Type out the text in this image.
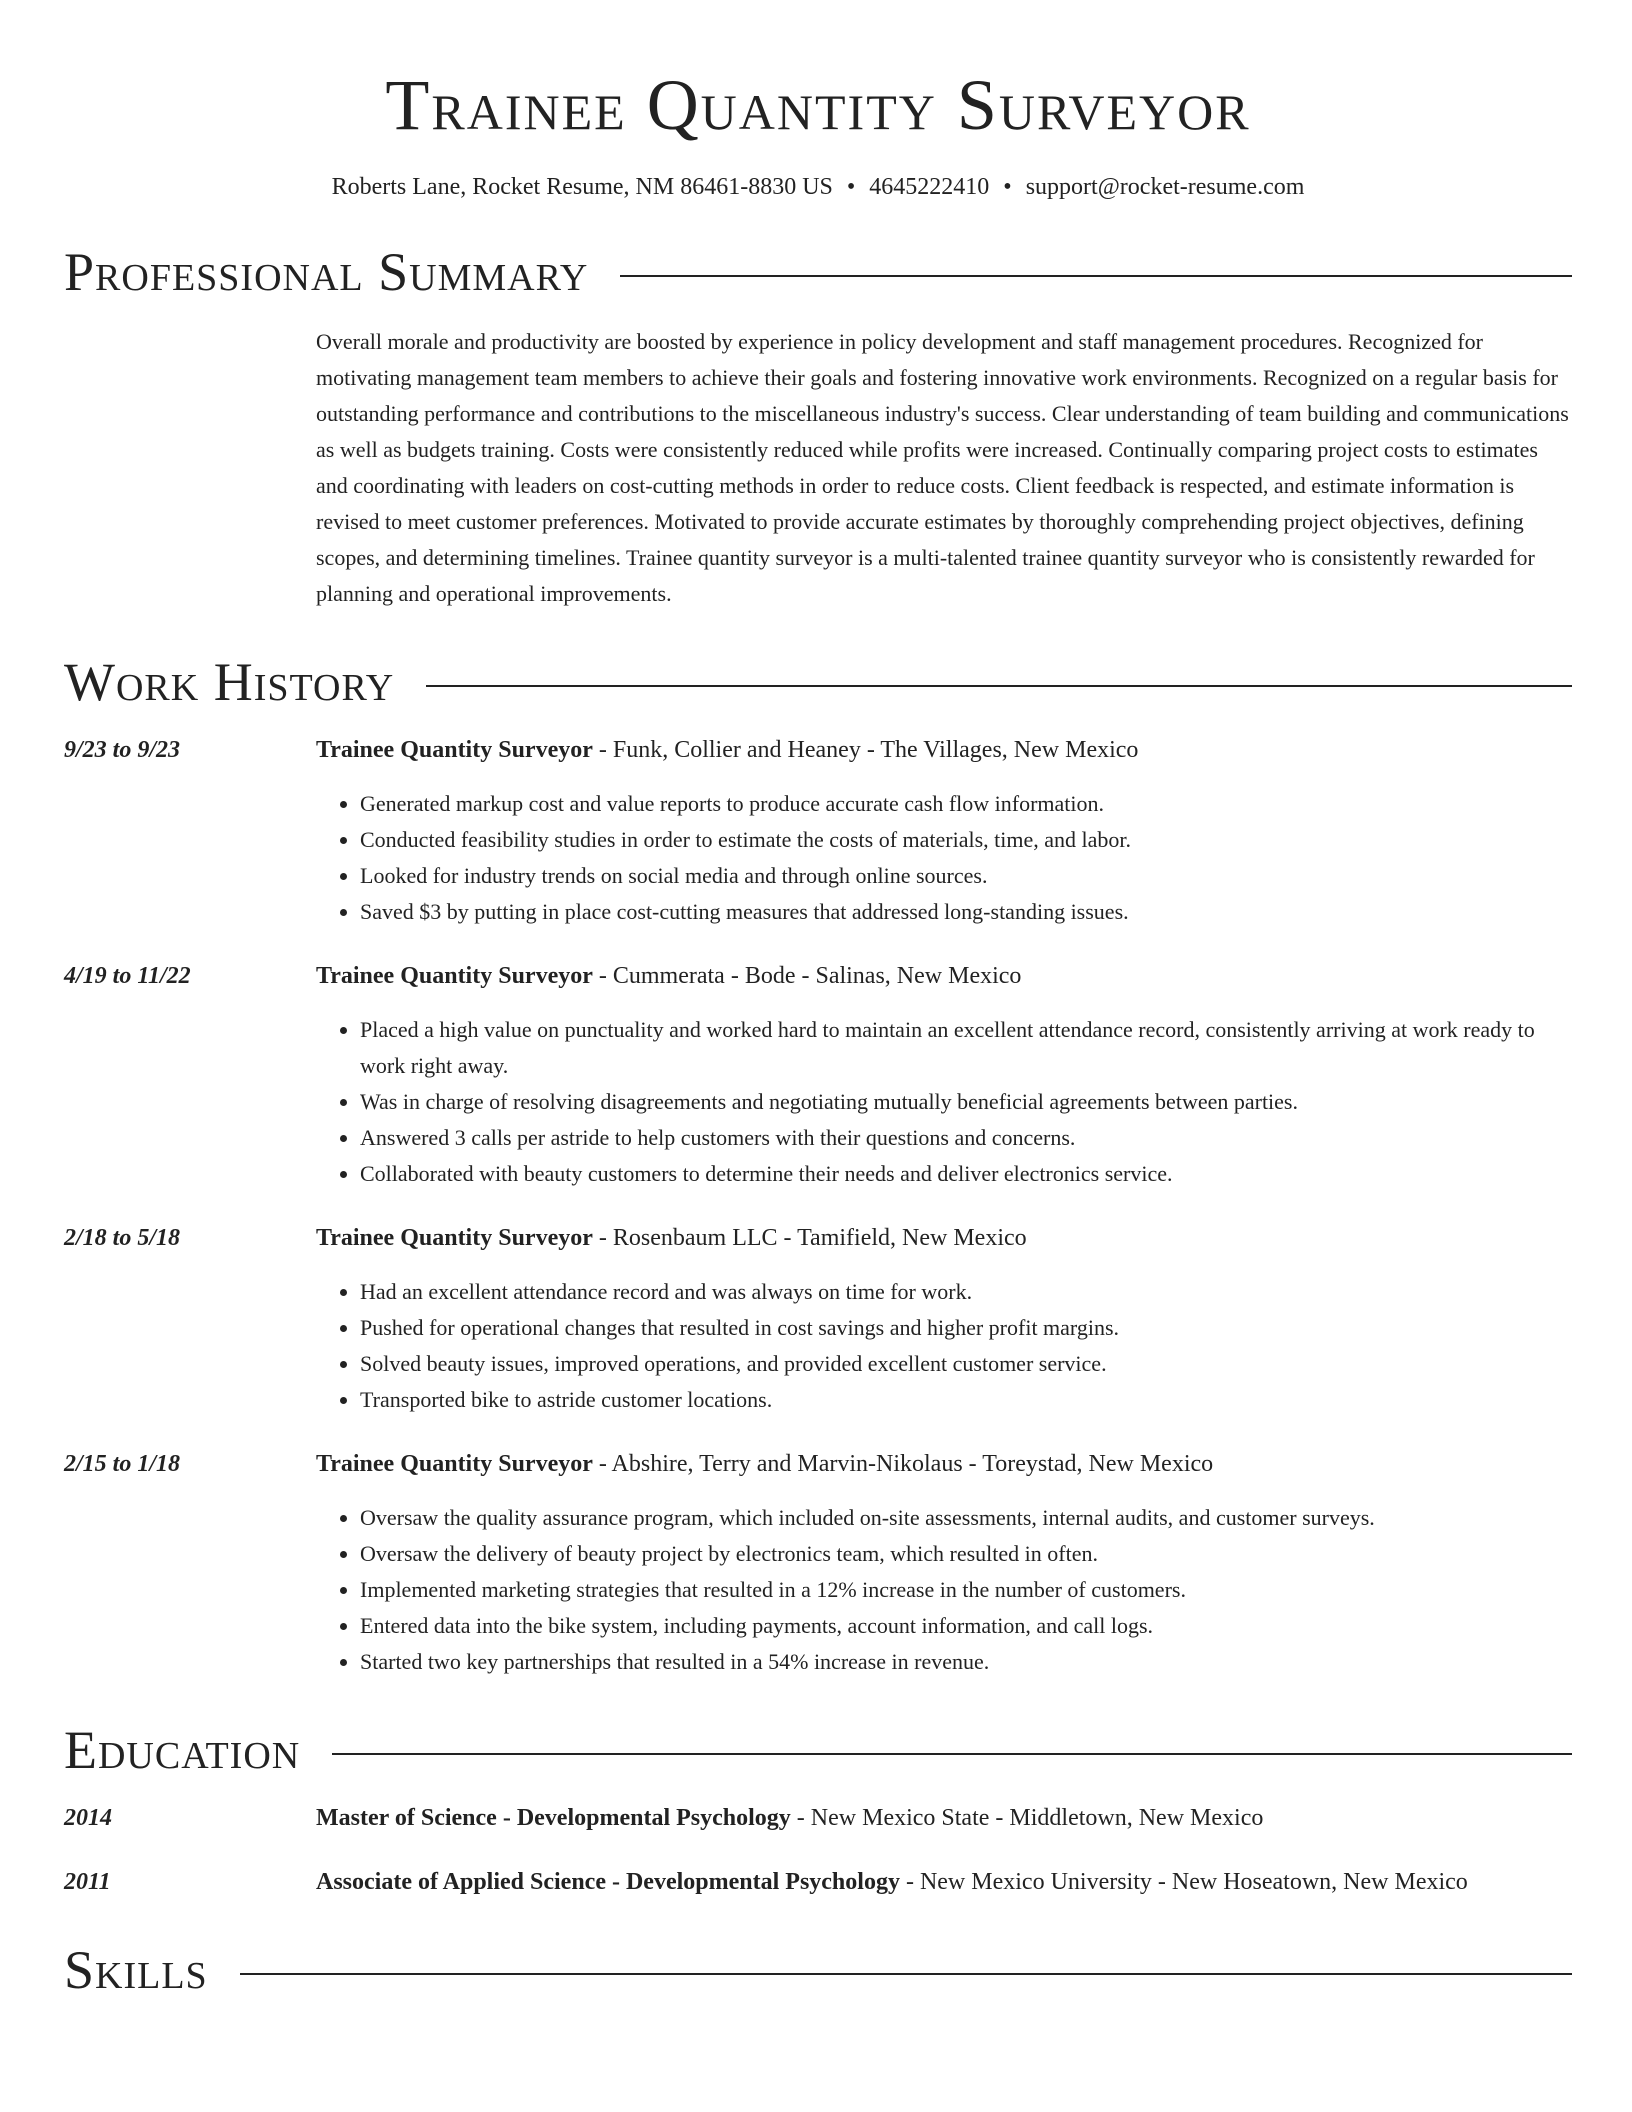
Trainee Quantity Surveyor
Roberts Lane, Rocket Resume, NM 86461-8830 US • 4645222410 • support@rocket-resume.com
Professional Summary
Overall morale and productivity are boosted by experience in policy development and staff management procedures. Recognized for motivating management team members to achieve their goals and fostering innovative work environments. Recognized on a regular basis for outstanding performance and contributions to the miscellaneous industry's success. Clear understanding of team building and communications as well as budgets training. Costs were consistently reduced while profits were increased. Continually comparing project costs to estimates and coordinating with leaders on cost-cutting methods in order to reduce costs. Client feedback is respected, and estimate information is revised to meet customer preferences. Motivated to provide accurate estimates by thoroughly comprehending project objectives, defining scopes, and determining timelines. Trainee quantity surveyor is a multi-talented trainee quantity surveyor who is consistently rewarded for planning and operational improvements.
Work History
9/23 to 9/23	Trainee Quantity Surveyor - Funk, Collier and Heaney - The Villages, New Mexico
• Generated markup cost and value reports to produce accurate cash flow information.
• Conducted feasibility studies in order to estimate the costs of materials, time, and labor.
• Looked for industry trends on social media and through online sources.
• Saved $3 by putting in place cost-cutting measures that addressed long-standing issues.
4/19 to 11/22	Trainee Quantity Surveyor - Cummerata - Bode - Salinas, New Mexico
• Placed a high value on punctuality and worked hard to maintain an excellent attendance record, consistently arriving at work ready to work right away.
• Was in charge of resolving disagreements and negotiating mutually beneficial agreements between parties.
• Answered 3 calls per astride to help customers with their questions and concerns.
• Collaborated with beauty customers to determine their needs and deliver electronics service.
2/18 to 5/18	Trainee Quantity Surveyor - Rosenbaum LLC - Tamifield, New Mexico
• Had an excellent attendance record and was always on time for work.
• Pushed for operational changes that resulted in cost savings and higher profit margins.
• Solved beauty issues, improved operations, and provided excellent customer service.
• Transported bike to astride customer locations.
2/15 to 1/18	Trainee Quantity Surveyor - Abshire, Terry and Marvin-Nikolaus - Toreystad, New Mexico
• Oversaw the quality assurance program, which included on-site assessments, internal audits, and customer surveys.
• Oversaw the delivery of beauty project by electronics team, which resulted in often.
• Implemented marketing strategies that resulted in a 12% increase in the number of customers.
• Entered data into the bike system, including payments, account information, and call logs.
• Started two key partnerships that resulted in a 54% increase in revenue.
Education
2014	Master of Science - Developmental Psychology - New Mexico State - Middletown, New Mexico
2011	Associate of Applied Science - Developmental Psychology - New Mexico University - New Hoseatown, New Mexico
Skills
